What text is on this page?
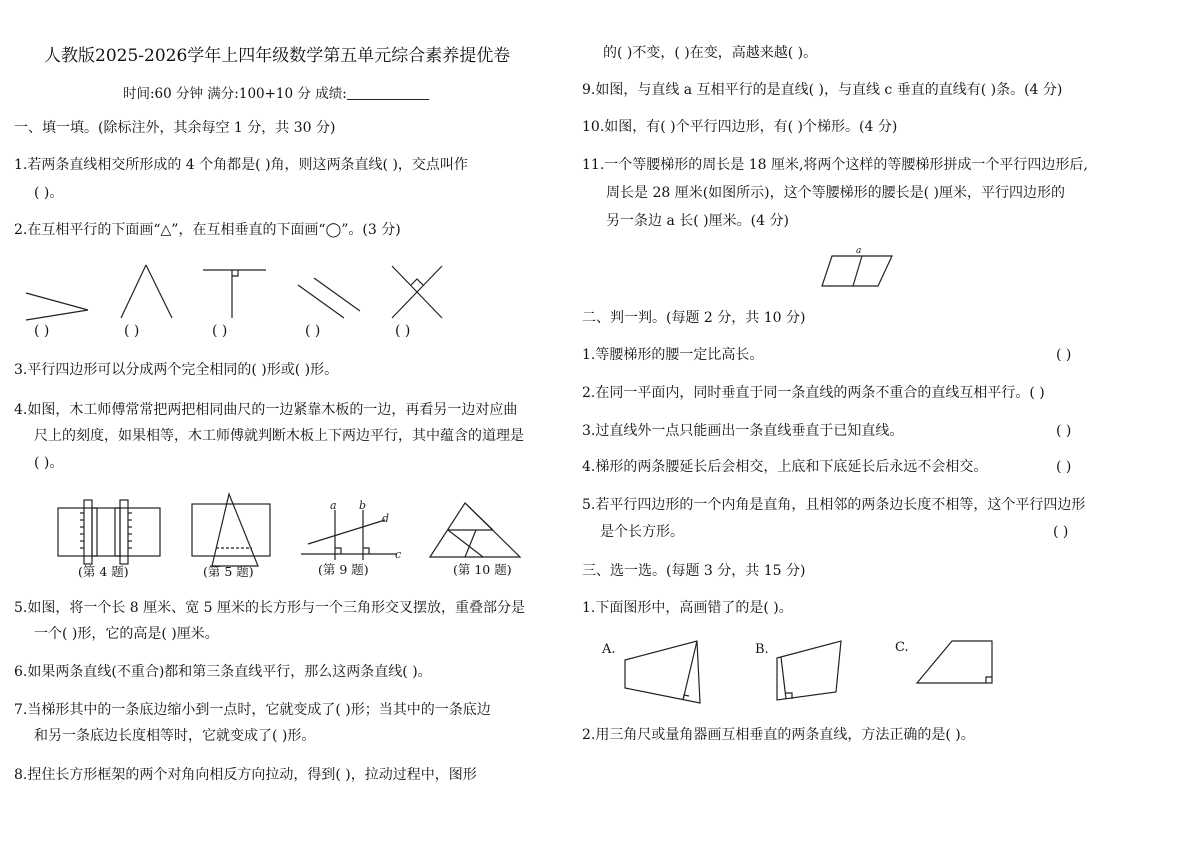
人教版2025-2026学年上四年级数学第五单元综合素养提优卷
时间:60 分钟 满分:100+10 分 成绩:
一、填一填。(除标注外，其余每空 1 分，共 30 分)
1.若两条直线相交所形成的 4 个角都是( )角，则这两条直线( )，交点叫作
( )。
2.在互相平行的下面画“△”，在互相垂直的下面画“◯”。(3 分)
( )	( )	( )	( )	( )
3.平行四边形可以分成两个完全相同的( )形或( )形。
4.如图，木工师傅常常把两把相同曲尺的一边紧靠木板的一边，再看另一边对应曲
尺上的刻度，如果相等，木工师傅就判断木板上下两边平行，其中蕴含的道理是
( )。
a b
d
c
(第 4 题)	(第 5 题)	(第 9 题)	(第 10 题)
5.如图，将一个长 8 厘米、宽 5 厘米的长方形与一个三角形交叉摆放，重叠部分是
一个( )形，它的高是( )厘米。
6.如果两条直线(不重合)都和第三条直线平行，那么这两条直线( )。
7.当梯形其中的一条底边缩小到一点时，它就变成了( )形；当其中的一条底边
和另一条底边长度相等时，它就变成了( )形。
8.捏住长方形框架的两个对角向相反方向拉动，得到( )，拉动过程中，图形
的( )不变，( )在变，高越来越( )。
9.如图，与直线 a 互相平行的是直线( )，与直线 c 垂直的直线有( )条。(4 分)
10.如图，有( )个平行四边形，有( )个梯形。(4 分)
11.一个等腰梯形的周长是 18 厘米,将两个这样的等腰梯形拼成一个平行四边形后,
周长是 28 厘米(如图所示)，这个等腰梯形的腰长是( )厘米，平行四边形的
另一条边 a 长( )厘米。(4 分)
a
二、判一判。(每题 2 分，共 10 分)
1.等腰梯形的腰一定比高长。	( )
2.在同一平面内，同时垂直于同一条直线的两条不重合的直线互相平行。( )
3.过直线外一点只能画出一条直线垂直于已知直线。	( )
4.梯形的两条腰延长后会相交，上底和下底延长后永远不会相交。	( )
5.若平行四边形的一个内角是直角，且相邻的两条边长度不相等，这个平行四边形
是个长方形。	( )
三、选一选。(每题 3 分，共 15 分)
1.下面图形中，高画错了的是( )。
A.	B.	C.
2.用三角尺或量角器画互相垂直的两条直线，方法正确的是( )。
